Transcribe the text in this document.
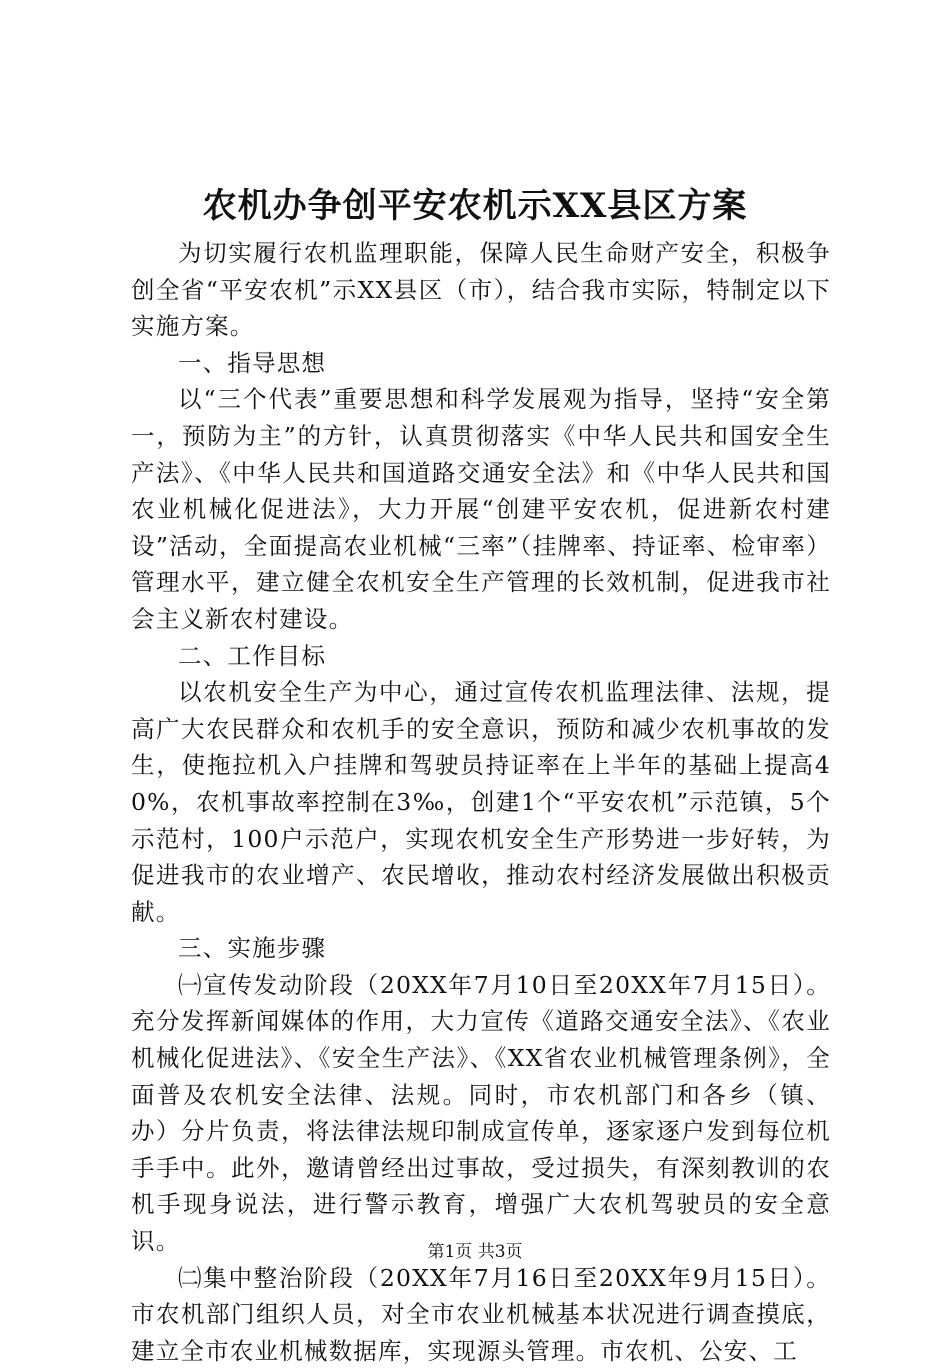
农机办争创平安农机示XX县区方案

为切实履行农机监理职能，保障人民生命财产安全，积极争创全省“平安农机”示XX县区（市），结合我市实际，特制定以下实施方案。

一、指导思想

以“三个代表”重要思想和科学发展观为指导，坚持“安全第一，预防为主”的方针，认真贯彻落实《中华人民共和国安全生产法》、《中华人民共和国道路交通安全法》和《中华人民共和国农业机械化促进法》，大力开展“创建平安农机，促进新农村建设”活动，全面提高农业机械“三率”（挂牌率、持证率、检审率）管理水平，建立健全农机安全生产管理的长效机制，促进我市社会主义新农村建设。

二、工作目标

以农机安全生产为中心，通过宣传农机监理法律、法规，提高广大农民群众和农机手的安全意识，预防和减少农机事故的发生，使拖拉机入户挂牌和驾驶员持证率在上半年的基础上提高40%，农机事故率控制在3‰，创建1个“平安农机”示范镇，5个示范村，100户示范户，实现农机安全生产形势进一步好转，为促进我市的农业增产、农民增收，推动农村经济发展做出积极贡献。

三、实施步骤

㈠宣传发动阶段（20XX年7月10日至20XX年7月15日）。充分发挥新闻媒体的作用，大力宣传《道路交通安全法》、《农业机械化促进法》、《安全生产法》、《XX省农业机械管理条例》，全面普及农机安全法律、法规。同时，市农机部门和各乡（镇、办）分片负责，将法律法规印制成宣传单，逐家逐户发到每位机手手中。此外，邀请曾经出过事故，受过损失，有深刻教训的农机手现身说法，进行警示教育，增强广大农机驾驶员的安全意识。

㈡集中整治阶段（20XX年7月16日至20XX年9月15日）。市农机部门组织人员，对全市农业机械基本状况进行调查摸底，建立全市农业机械数据库，实现源头管理。市农机、公安、工

第1页 共3页
